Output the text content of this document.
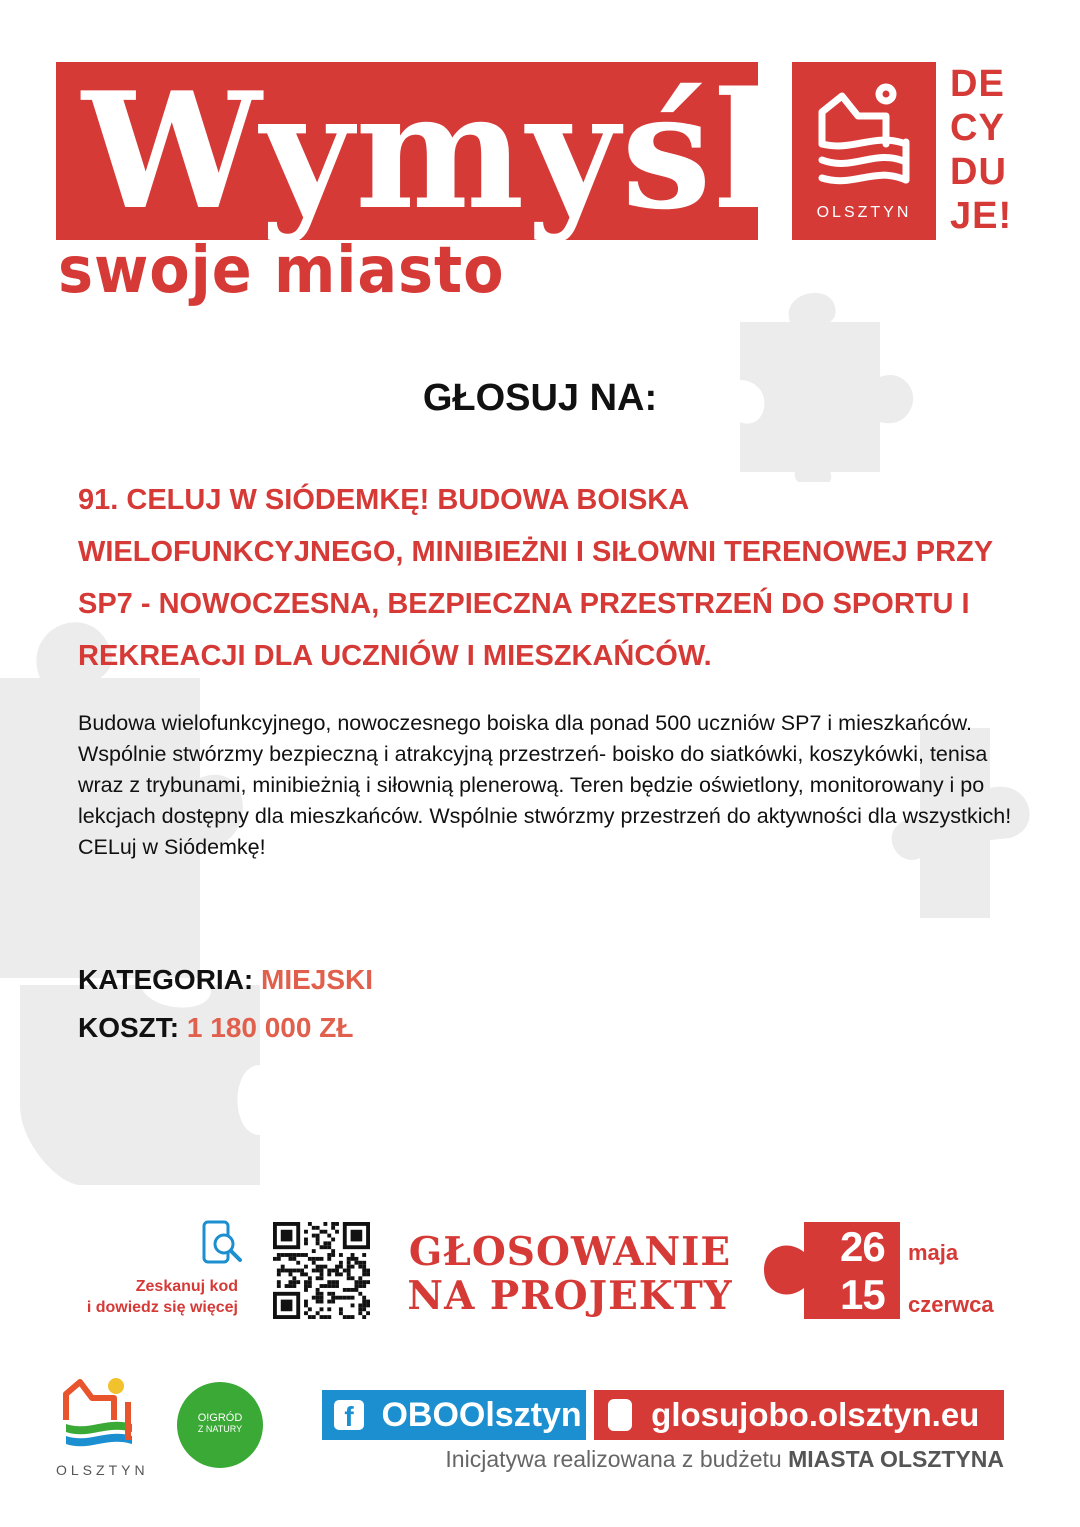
Wymyśl
swoje miasto
OLSZTYN
DE
CY
DU
JE!
GŁOSUJ NA:
91. CELUJ W SIÓDEMKĘ! BUDOWA BOISKA WIELOFUNKCYJNEGO, MINIBIEŻNI I SIŁOWNI TERENOWEJ PRZY SP7 - NOWOCZESNA, BEZPIECZNA PRZESTRZEŃ DO SPORTU I REKREACJI DLA UCZNIÓW I MIESZKAŃCÓW.
Budowa wielofunkcyjnego, nowoczesnego boiska dla ponad 500 uczniów SP7 i mieszkańców. Wspólnie stwórzmy bezpieczną i atrakcyjną przestrzeń- boisko do siatkówki, koszykówki, tenisa wraz z trybunami, minibieżnią i siłownią plenerową. Teren będzie oświetlony, monitorowany i po lekcjach dostępny dla mieszkańców. Wspólnie stwórzmy przestrzeń do aktywności dla wszystkich! CELuj w Siódemkę!
KATEGORIA: MIEJSKI
KOSZT: 1 180 000 ZŁ
Zeskanuj kod
i dowiedz się więcej
GŁOSOWANIE
NA PROJEKTY
26
15
maja
czerwca
OLSZTYN
O!GRÓD
Z NATURY	f OBOOlsztyn	glosujobo.olsztyn.eu
Inicjatywa realizowana z budżetu MIASTA OLSZTYNA
